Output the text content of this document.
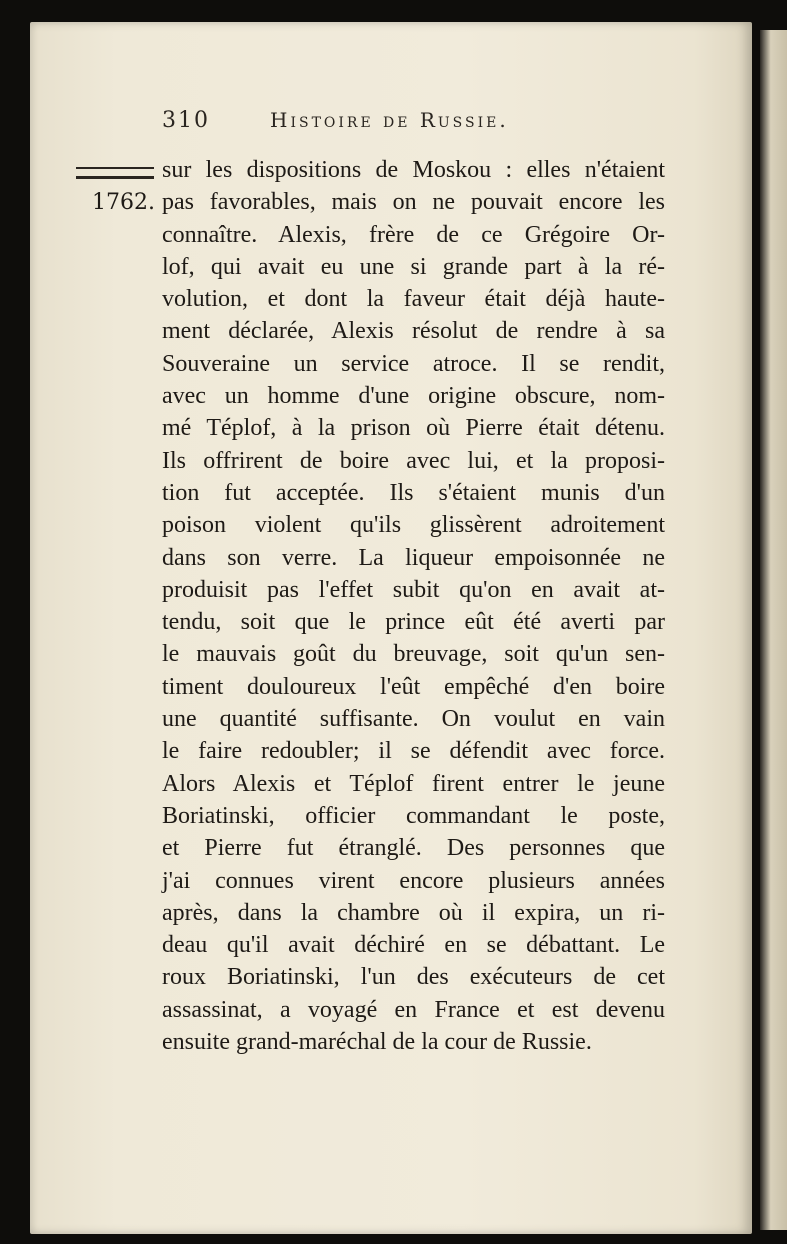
310	Histoire de Russie.
1762.
sur les dispositions de Moskou : elles n'étaient
pas favorables, mais on ne pouvait encore les
connaître. Alexis, frère de ce Grégoire Or-
lof, qui avait eu une si grande part à la ré-
volution, et dont la faveur était déjà haute-
ment déclarée, Alexis résolut de rendre à sa
Souveraine un service atroce. Il se rendit,
avec un homme d'une origine obscure, nom-
mé Téplof, à la prison où Pierre était détenu.
Ils offrirent de boire avec lui, et la proposi-
tion fut acceptée. Ils s'étaient munis d'un
poison violent qu'ils glissèrent adroitement
dans son verre. La liqueur empoisonnée ne
produisit pas l'effet subit qu'on en avait at-
tendu, soit que le prince eût été averti par
le mauvais goût du breuvage, soit qu'un sen-
timent douloureux l'eût empêché d'en boire
une quantité suffisante. On voulut en vain
le faire redoubler; il se défendit avec force.
Alors Alexis et Téplof firent entrer le jeune
Boriatinski, officier commandant le poste,
et Pierre fut étranglé. Des personnes que
j'ai connues virent encore plusieurs années
après, dans la chambre où il expira, un ri-
deau qu'il avait déchiré en se débattant. Le
roux Boriatinski, l'un des exécuteurs de cet
assassinat, a voyagé en France et est devenu
ensuite grand-maréchal de la cour de Russie.
